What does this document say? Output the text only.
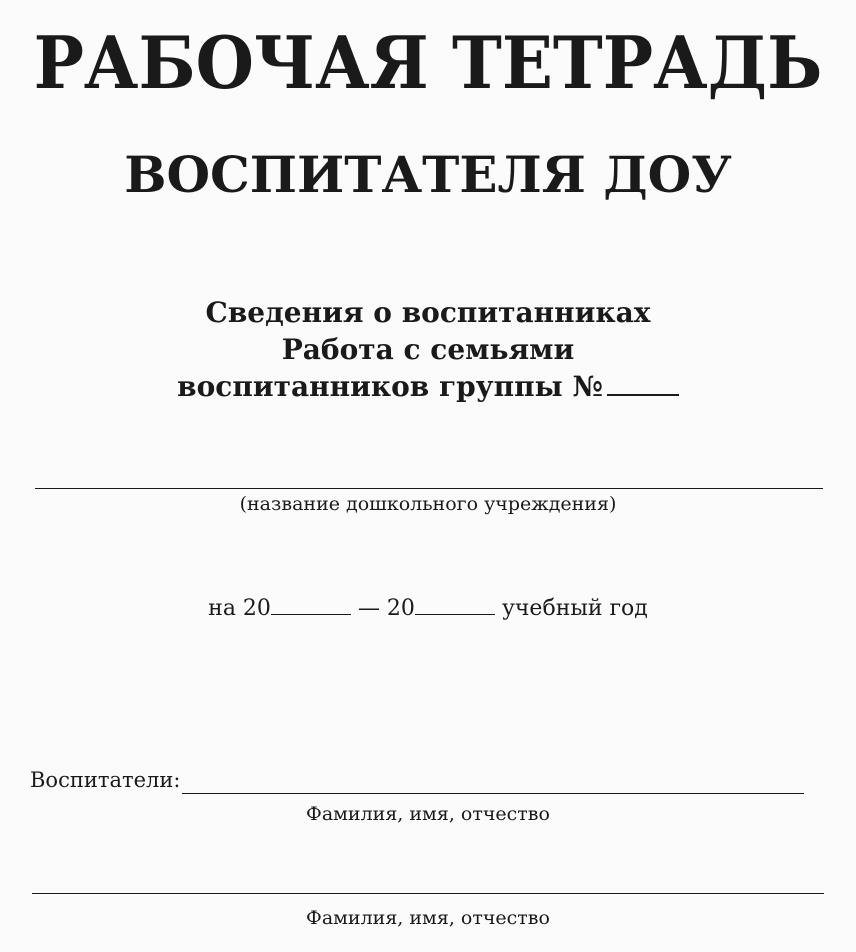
РАБОЧАЯ ТЕТРАДЬ
ВОСПИТАТЕЛЯ ДОУ
Сведения о воспитанниках
Работа с семьями
воспитанников группы №
(название дошкольного учреждения)
на 20	— 20	учебный год
Воспитатели:
Фамилия, имя, отчество
Фамилия, имя, отчество
